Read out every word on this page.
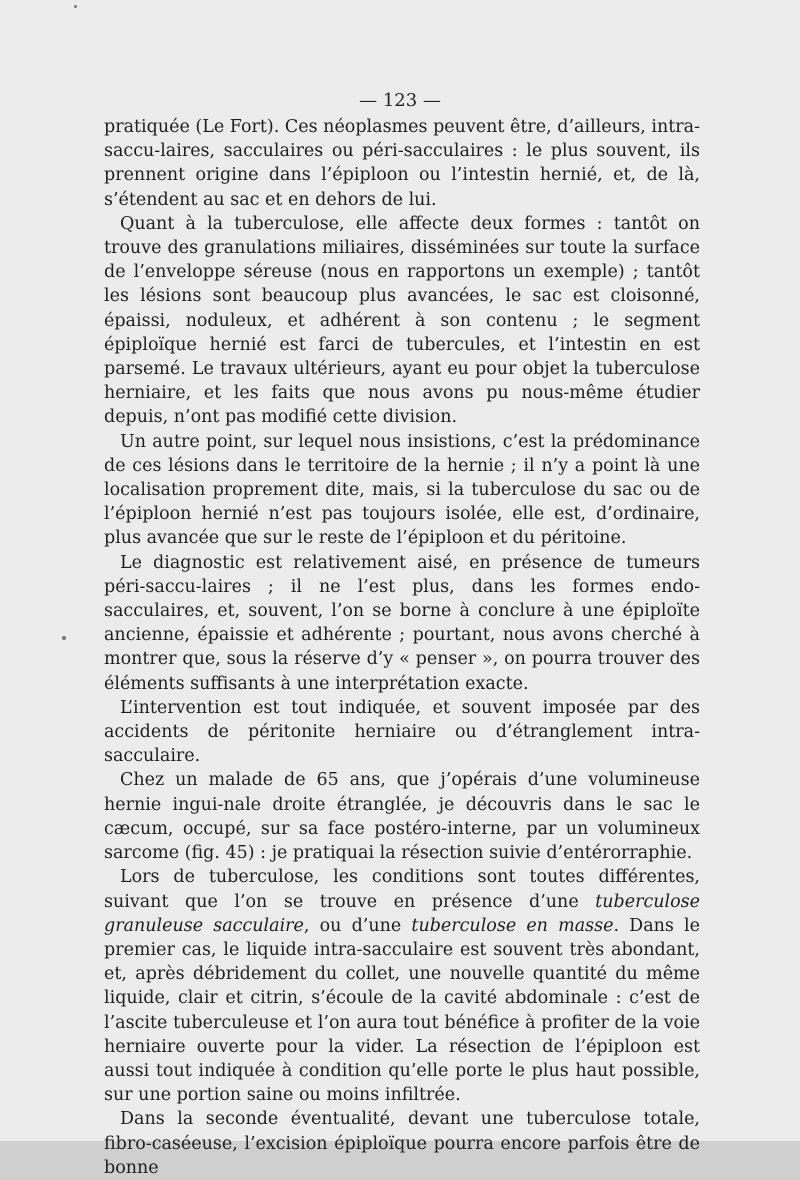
— 123 —

pratiquée (Le Fort). Ces néoplasmes peuvent être, d’ailleurs, intra-saccu-laires, sacculaires ou péri-sacculaires : le plus souvent, ils prennent origine dans l’épiploon ou l’intestin hernié, et, de là, s’étendent au sac et en dehors de lui.

Quant à la tuberculose, elle affecte deux formes : tantôt on trouve des granulations miliaires, disséminées sur toute la surface de l’enveloppe séreuse (nous en rapportons un exemple) ; tantôt les lésions sont beaucoup plus avancées, le sac est cloisonné, épaissi, noduleux, et adhérent à son contenu ; le segment épiploïque hernié est farci de tubercules, et l’intestin en est parsemé. Le travaux ultérieurs, ayant eu pour objet la tuberculose herniaire, et les faits que nous avons pu nous-même étudier depuis, n’ont pas modifié cette division.

Un autre point, sur lequel nous insistions, c’est la prédominance de ces lésions dans le territoire de la hernie ; il n’y a point là une localisation proprement dite, mais, si la tuberculose du sac ou de l’épiploon hernié n’est pas toujours isolée, elle est, d’ordinaire, plus avancée que sur le reste de l’épiploon et du péritoine.

Le diagnostic est relativement aisé, en présence de tumeurs péri-saccu-laires ; il ne l’est plus, dans les formes endo-sacculaires, et, souvent, l’on se borne à conclure à une épiploïte ancienne, épaissie et adhérente ; pourtant, nous avons cherché à montrer que, sous la réserve d’y « penser », on pourra trouver des éléments suffisants à une interprétation exacte.

L’intervention est tout indiquée, et souvent imposée par des accidents de péritonite herniaire ou d’étranglement intra-sacculaire.

Chez un malade de 65 ans, que j’opérais d’une volumineuse hernie ingui-nale droite étranglée, je découvris dans le sac le cæcum, occupé, sur sa face postéro-interne, par un volumineux sarcome (fig. 45) : je pratiquai la résection suivie d’entérorraphie.

Lors de tuberculose, les conditions sont toutes différentes, suivant que l’on se trouve en présence d’une tuberculose granuleuse sacculaire, ou d’une tuberculose en masse. Dans le premier cas, le liquide intra-sacculaire est souvent très abondant, et, après débridement du collet, une nouvelle quantité du même liquide, clair et citrin, s’écoule de la cavité abdominale : c’est de l’ascite tuberculeuse et l’on aura tout bénéfice à profiter de la voie herniaire ouverte pour la vider. La résection de l’épiploon est aussi tout indiquée à condition qu’elle porte le plus haut possible, sur une portion saine ou moins infiltrée.

Dans la seconde éventualité, devant une tuberculose totale, fibro-caséeuse, l’excision épiploïque pourra encore parfois être de bonne
